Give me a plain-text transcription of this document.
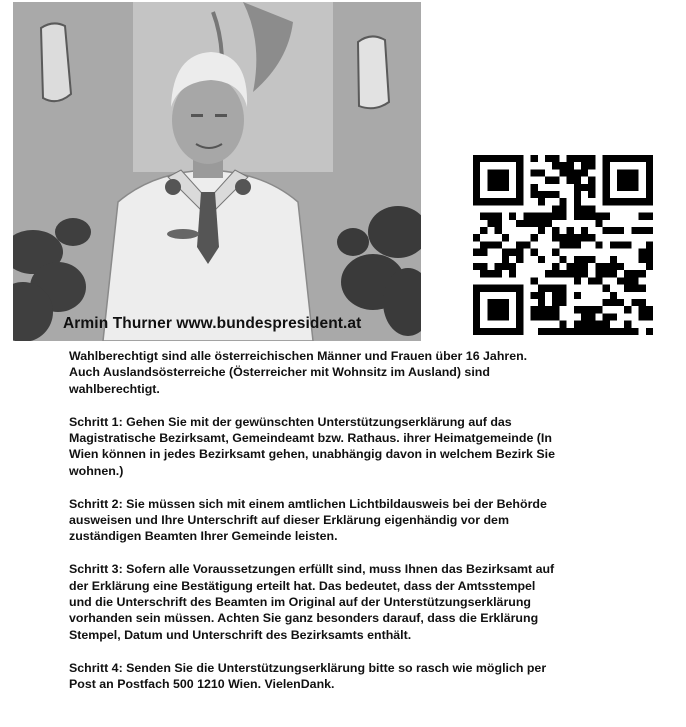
Armin Thurner www.bundespresident.at

Wahlberechtigt sind alle österreichischen Männer und Frauen über 16 Jahren.
Auch Auslandsösterreiche (Österreicher mit Wohnsitz im Ausland) sind
wahlberechtigt.

Schritt 1: Gehen Sie mit der gewünschten Unterstützungserklärung auf das
Magistratische Bezirksamt, Gemeindeamt bzw. Rathaus. ihrer Heimatgemeinde (In
Wien können in jedes Bezirksamt gehen, unabhängig davon in welchem Bezirk Sie
wohnen.)

Schritt 2: Sie müssen sich mit einem amtlichen Lichtbildausweis bei der Behörde
ausweisen und Ihre Unterschrift auf dieser Erklärung eigenhändig vor dem
zuständigen Beamten Ihrer Gemeinde leisten.

Schritt 3: Sofern alle Voraussetzungen erfüllt sind, muss Ihnen das Bezirksamt auf
der Erklärung eine Bestätigung erteilt hat. Das bedeutet, dass der Amtsstempel
und die Unterschrift des Beamten im Original auf der Unterstützungserklärung
vorhanden sein müssen. Achten Sie ganz besonders darauf, dass die Erklärung
Stempel, Datum und Unterschrift des Bezirksamts enthält.

Schritt 4: Senden Sie die Unterstützungserklärung bitte so rasch wie möglich per
Post an Postfach 500 1210 Wien. VielenDank.
